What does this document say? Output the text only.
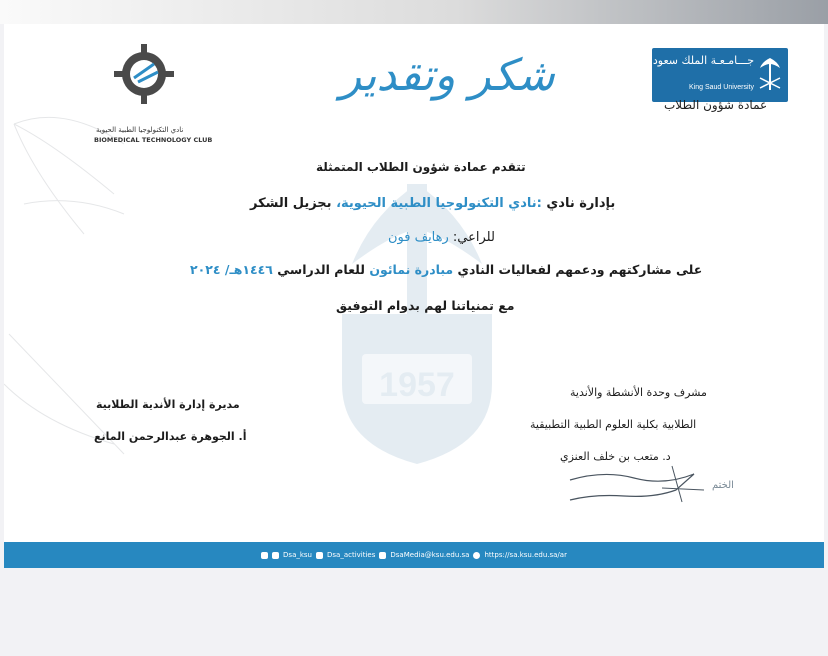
1957
نادي التكنولوجيا الطبية الحيوية
BIOMEDICAL TECHNOLOGY CLUB
شكر وتقدير	جـــامـعـة الملك سعود
King Saud University
عمادة شؤون الطلاب
تتقدم عمادة شؤون الطلاب المتمثلة
بإدارة نادي :نادي التكنولوجيا الطبية الحيوية، بجزيل الشكر
للراعي: رهايف فون
على مشاركتهم ودعمهم لفعاليات النادي مبادرة نمائون للعام الدراسي ١٤٤٦هـ/ ٢٠٢٤
مع تمنياتنا لهم بدوام التوفيق
مشرف وحدة الأنشطة والأندية
الطلابية بكلية العلوم الطبية التطبيقية
د. متعب بن خلف العنزي
الختم
مديرة إدارة الأندية الطلابية
أ. الجوهرة عبدالرحمن المانع
Dsa_ksu Dsa_activities DsaMedia@ksu.edu.sa https://sa.ksu.edu.sa/ar
